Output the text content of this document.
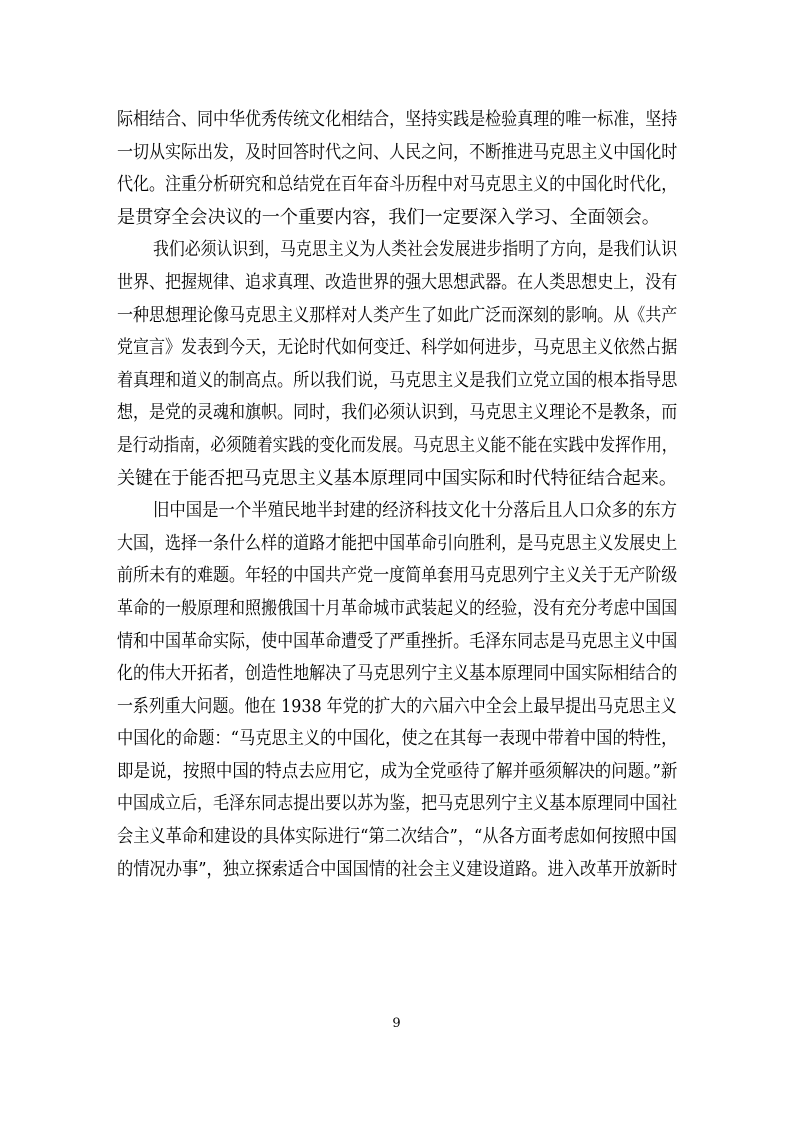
际相结合、同中华优秀传统文化相结合，坚持实践是检验真理的唯一标准，坚持
一切从实际出发，及时回答时代之问、人民之问，不断推进马克思主义中国化时
代化。注重分析研究和总结党在百年奋斗历程中对马克思主义的中国化时代化，
是贯穿全会决议的一个重要内容，我们一定要深入学习、全面领会。
我们必须认识到，马克思主义为人类社会发展进步指明了方向，是我们认识
世界、把握规律、追求真理、改造世界的强大思想武器。在人类思想史上，没有
一种思想理论像马克思主义那样对人类产生了如此广泛而深刻的影响。从《共产
党宣言》发表到今天，无论时代如何变迁、科学如何进步，马克思主义依然占据
着真理和道义的制高点。所以我们说，马克思主义是我们立党立国的根本指导思
想，是党的灵魂和旗帜。同时，我们必须认识到，马克思主义理论不是教条，而
是行动指南，必须随着实践的变化而发展。马克思主义能不能在实践中发挥作用，
关键在于能否把马克思主义基本原理同中国实际和时代特征结合起来。
旧中国是一个半殖民地半封建的经济科技文化十分落后且人口众多的东方
大国，选择一条什么样的道路才能把中国革命引向胜利，是马克思主义发展史上
前所未有的难题。年轻的中国共产党一度简单套用马克思列宁主义关于无产阶级
革命的一般原理和照搬俄国十月革命城市武装起义的经验，没有充分考虑中国国
情和中国革命实际，使中国革命遭受了严重挫折。毛泽东同志是马克思主义中国
化的伟大开拓者，创造性地解决了马克思列宁主义基本原理同中国实际相结合的
一系列重大问题。他在 1938 年党的扩大的六届六中全会上最早提出马克思主义
中国化的命题：“马克思主义的中国化，使之在其每一表现中带着中国的特性，
即是说，按照中国的特点去应用它，成为全党亟待了解并亟须解决的问题。”新
中国成立后，毛泽东同志提出要以苏为鉴，把马克思列宁主义基本原理同中国社
会主义革命和建设的具体实际进行“第二次结合”，“从各方面考虑如何按照中国
的情况办事”，独立探索适合中国国情的社会主义建设道路。进入改革开放新时
9
